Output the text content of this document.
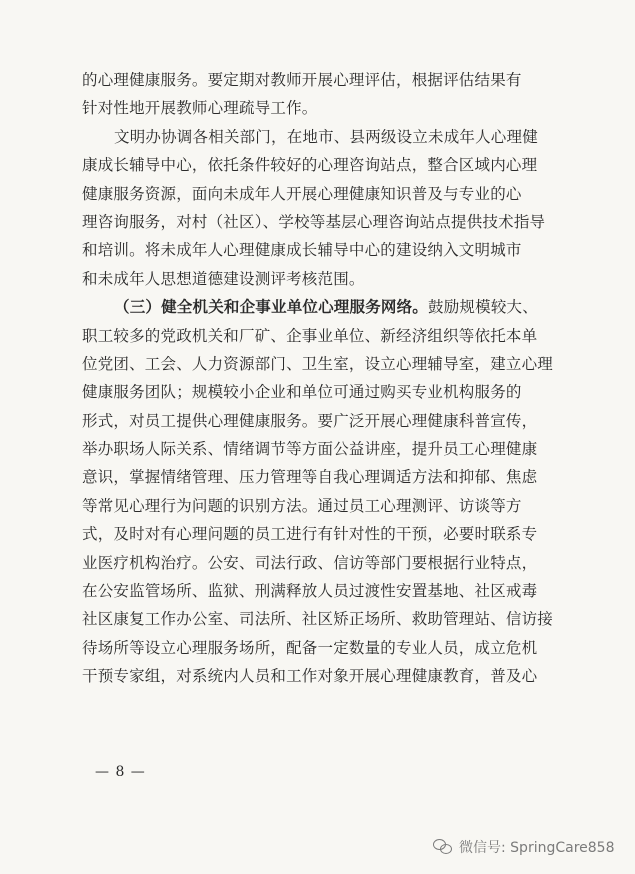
的心理健康服务。要定期对教师开展心理评估，根据评估结果有
针对性地开展教师心理疏导工作。
文明办协调各相关部门，在地市、县两级设立未成年人心理健
康成长辅导中心，依托条件较好的心理咨询站点，整合区域内心理
健康服务资源，面向未成年人开展心理健康知识普及与专业的心
理咨询服务，对村（社区）、学校等基层心理咨询站点提供技术指导
和培训。将未成年人心理健康成长辅导中心的建设纳入文明城市
和未成年人思想道德建设测评考核范围。
（三）健全机关和企事业单位心理服务网络。鼓励规模较大、
职工较多的党政机关和厂矿、企事业单位、新经济组织等依托本单
位党团、工会、人力资源部门、卫生室，设立心理辅导室，建立心理
健康服务团队；规模较小企业和单位可通过购买专业机构服务的
形式，对员工提供心理健康服务。要广泛开展心理健康科普宣传，
举办职场人际关系、情绪调节等方面公益讲座，提升员工心理健康
意识，掌握情绪管理、压力管理等自我心理调适方法和抑郁、焦虑
等常见心理行为问题的识别方法。通过员工心理测评、访谈等方
式，及时对有心理问题的员工进行有针对性的干预，必要时联系专
业医疗机构治疗。公安、司法行政、信访等部门要根据行业特点，
在公安监管场所、监狱、刑满释放人员过渡性安置基地、社区戒毒
社区康复工作办公室、司法所、社区矫正场所、救助管理站、信访接
待场所等设立心理服务场所，配备一定数量的专业人员，成立危机
干预专家组，对系统内人员和工作对象开展心理健康教育，普及心
— 8 —
微信号: SpringCare858
